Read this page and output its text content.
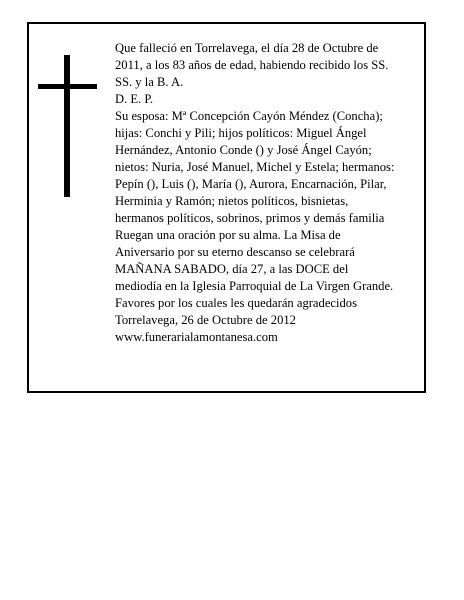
Que falleció en Torrelavega, el día 28 de Octubre de

2011, a los 83 años de edad, habiendo recibido los SS.

SS. y la B. A.

D. E. P.

Su esposa: Mª Concepción Cayón Méndez (Concha);

hijas: Conchi y Pili; hijos políticos: Miguel Ángel

Hernández, Antonio Conde () y José Ángel Cayón;

nietos: Nuria, José Manuel, Michel y Estela; hermanos:

Pepín (), Luis (), María (), Aurora, Encarnación, Pilar,

Herminia y Ramón; nietos políticos, bisnietas,

hermanos políticos, sobrinos, primos y demás familia

Ruegan una oración por su alma. La Misa de

Aniversario por su eterno descanso se celebrará

MAÑANA SABADO, día 27, a las DOCE del

mediodía en la Iglesia Parroquial de La Virgen Grande.

Favores por los cuales les quedarán agradecidos

Torrelavega, 26 de Octubre de 2012

www.funerarialamontanesa.com
